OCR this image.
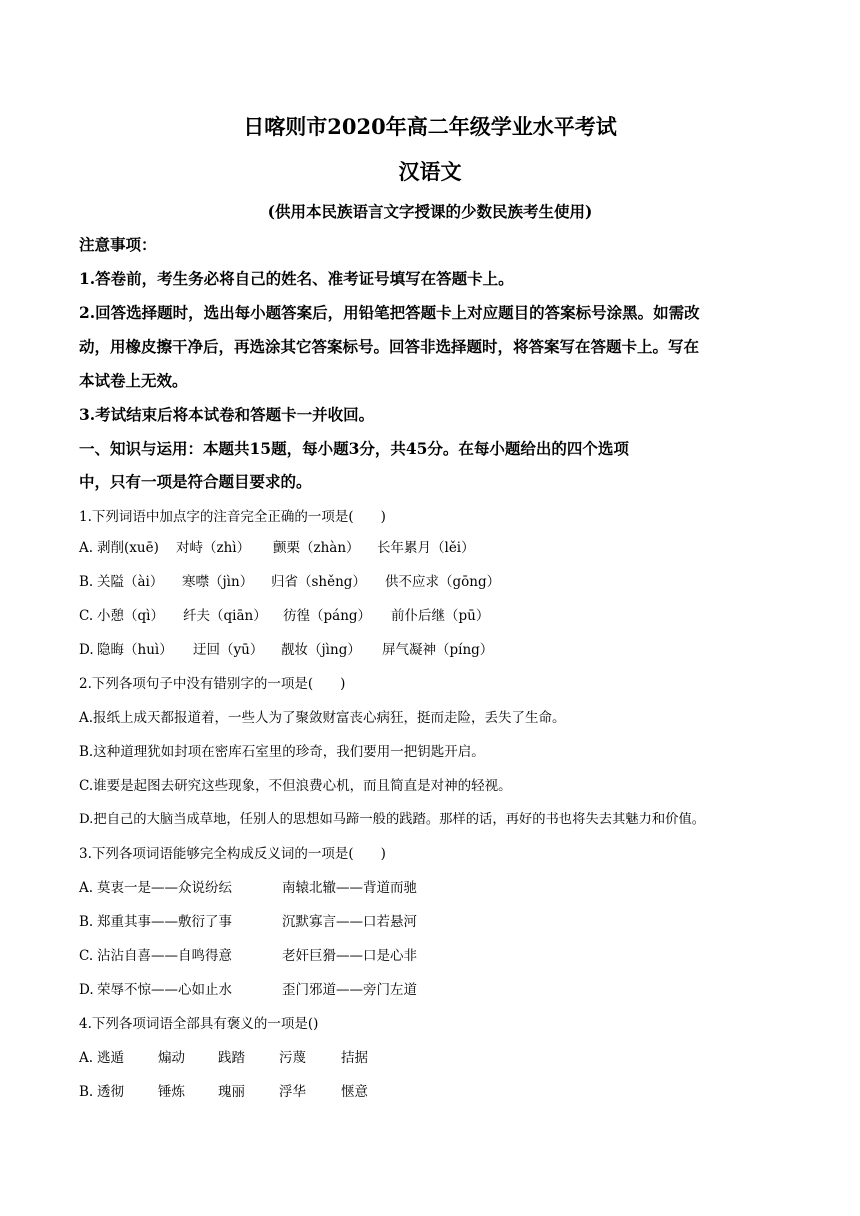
日喀则市2020年高二年级学业水平考试
汉语文
(供用本民族语言文字授课的少数民族考生使用)
注意事项：
1.答卷前，考生务必将自己的姓名、准考证号填写在答题卡上。
2.回答选择题时，选出每小题答案后，用铅笔把答题卡上对应题目的答案标号涂黑。如需改
动，用橡皮擦干净后，再选涂其它答案标号。回答非选择题时，将答案写在答题卡上。写在
本试卷上无效。
3.考试结束后将本试卷和答题卡一并收回。
一、知识与运用：本题共15题，每小题3分，共45分。在每小题给出的四个选项
中，只有一项是符合题目要求的。
1.下列词语中加点字的注音完全正确的一项是(　　)
A. 剥削(xuē) 对峙（zhì） 颤栗（zhàn） 长年累月（lěi）
B. 关隘（ài） 寒噤（jìn） 归省（shěng） 供不应求（gōng）
C. 小憩（qì） 纤夫（qiān） 彷徨（páng） 前仆后继（pū）
D. 隐晦（huì） 迂回（yū） 靓妆（jìng） 屏气凝神（píng）
2.下列各项句子中没有错别字的一项是(　　)
A.报纸上成天都报道着，一些人为了聚敛财富丧心病狂，挺而走险，丢失了生命。
B.这种道理犹如封项在密库石室里的珍奇，我们要用一把钥匙开启。
C.谁要是起图去研究这些现象，不但浪费心机，而且简直是对神的轻视。
D.把自己的大脑当成草地，任别人的思想如马蹄一般的践踏。那样的话，再好的书也将失去其魅力和价值。
3.下列各项词语能够完全构成反义词的一项是(　　)
A. 莫衷一是——众说纷纭	南辕北辙——背道而驰
B. 郑重其事——敷衍了事	沉默寡言——口若悬河
C. 沾沾自喜——自鸣得意	老奸巨猾——口是心非
D. 荣辱不惊——心如止水	歪门邪道——旁门左道
4.下列各项词语全部具有褒义的一项是()
A. 逃遁	煽动 践踏	污蔑	拮据
B. 透彻	锤炼 瑰丽	浮华	惬意
